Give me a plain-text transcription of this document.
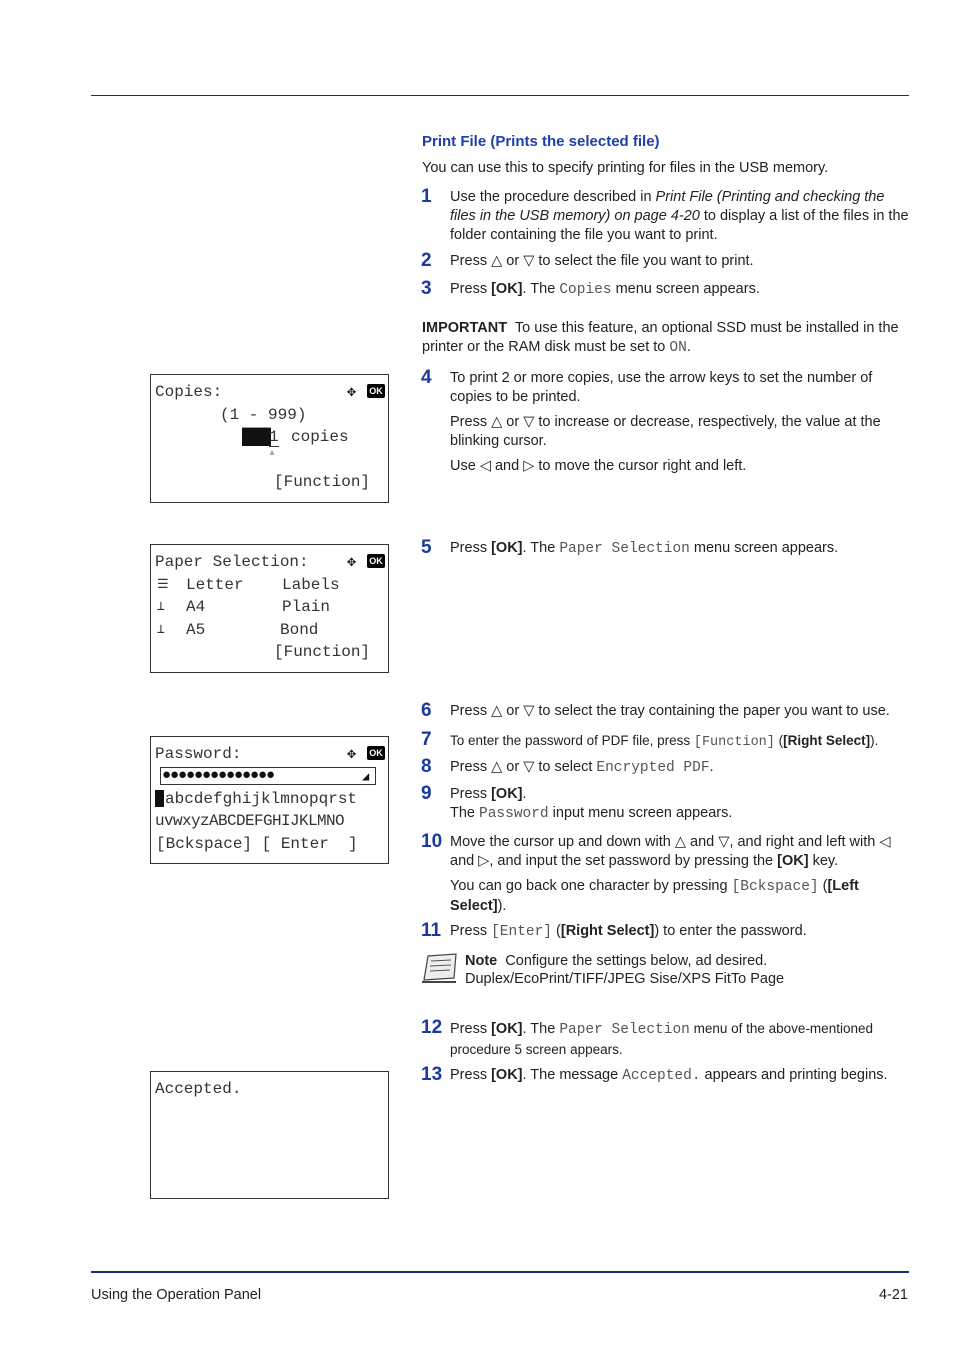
Print File (Prints the selected file)
You can use this to specify printing for files in the USB memory.
1 Use the procedure described in Print File (Printing and checking the files in the USB memory) on page 4-20 to display a list of the files in the folder containing the file you want to print.
2 Press △ or ▽ to select the file you want to print.
3 Press [OK]. The Copies menu screen appears.
IMPORTANT To use this feature, an optional SSD must be installed in the printer or the RAM disk must be set to ON.
4 To print 2 or more copies, use the arrow keys to set the number of copies to be printed.
Press △ or ▽ to increase or decrease, respectively, the value at the blinking cursor.
Use ◁ and ▷ to move the cursor right and left.
Copies:	✥ OK
(1 - 999)
███
1 copies
▵
[Function]
5 Press [OK]. The Paper Selection menu screen appears.
Paper Selection:	✥ OK
☰ Letter Labels
⊥ A4	Plain
⊥ A5	Bond
[Function]
6 Press △ or ▽ to select the tray containing the paper you want to use.
7 To enter the password of PDF file, press [Function] ([Right Select]).
8 Press △ or ▽ to select Encrypted PDF.
9 Press [OK].
The Password input menu screen appears.
Password:	✥ OK
●●●●●●●●●●●●●●	◢
abcdefghijklmnopqrst
uvwxyzABCDEFGHIJKLMNO
[Bckspace] [ Enter  ]	10 Move the cursor up and down with △ and ▽, and right and left with ◁ and ▷, and input the set password by pressing the [OK] key.
You can go back one character by pressing [Bckspace] ([Left Select]).
11 Press [Enter] ([Right Select]) to enter the password.
Note Configure the settings below, ad desired.
Duplex/EcoPrint/TIFF/JPEG Sise/XPS FitTo Page
12 Press [OK]. The Paper Selection menu of the above-mentioned procedure 5 screen appears.
13 Press [OK]. The message Accepted. appears and printing begins.
Accepted.
Using the Operation Panel	4-21
